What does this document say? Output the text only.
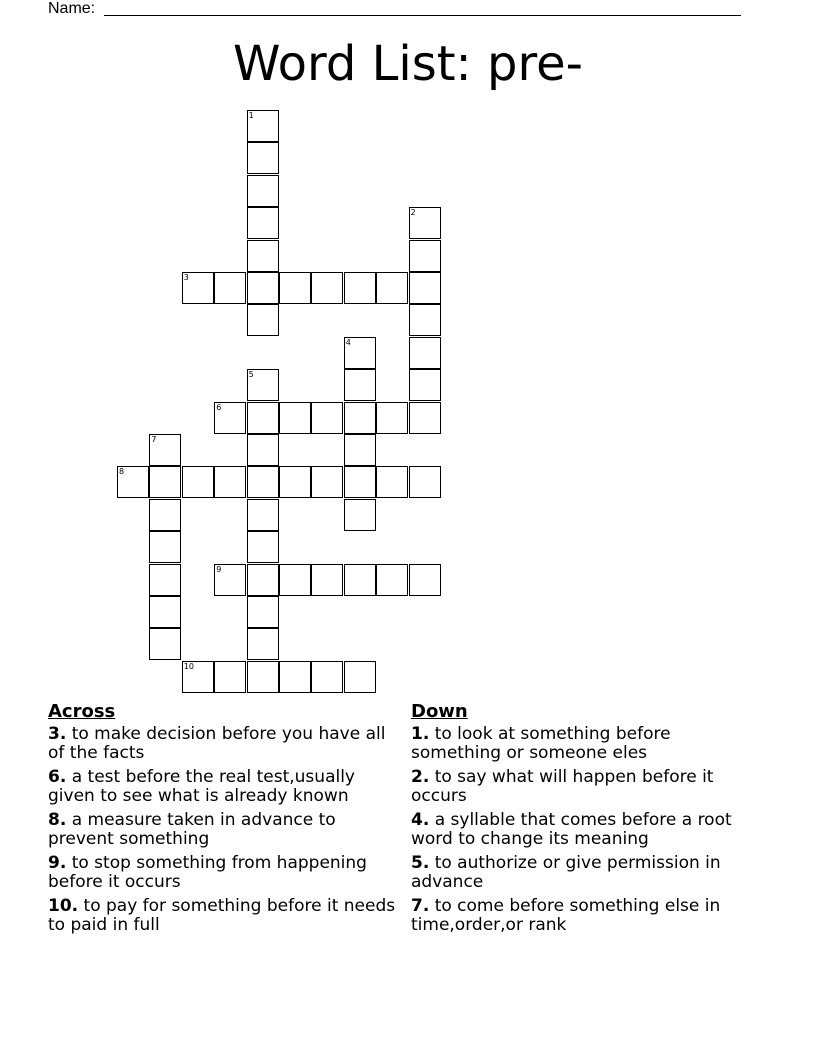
Name:
Word List: pre-
1
2
3
4
5
6
7
8
9
10
Across
3. to make decision before you have all of the facts
6. a test before the real test,usually given to see what is already known
8. a measure taken in advance to prevent something
9. to stop something from happening before it occurs
10. to pay for something before it needs to paid in full
Down
1. to look at something before something or someone eles
2. to say what will happen before it occurs
4. a syllable that comes before a root word to change its meaning
5. to authorize or give permission in advance
7. to come before something else in time,order,or rank
